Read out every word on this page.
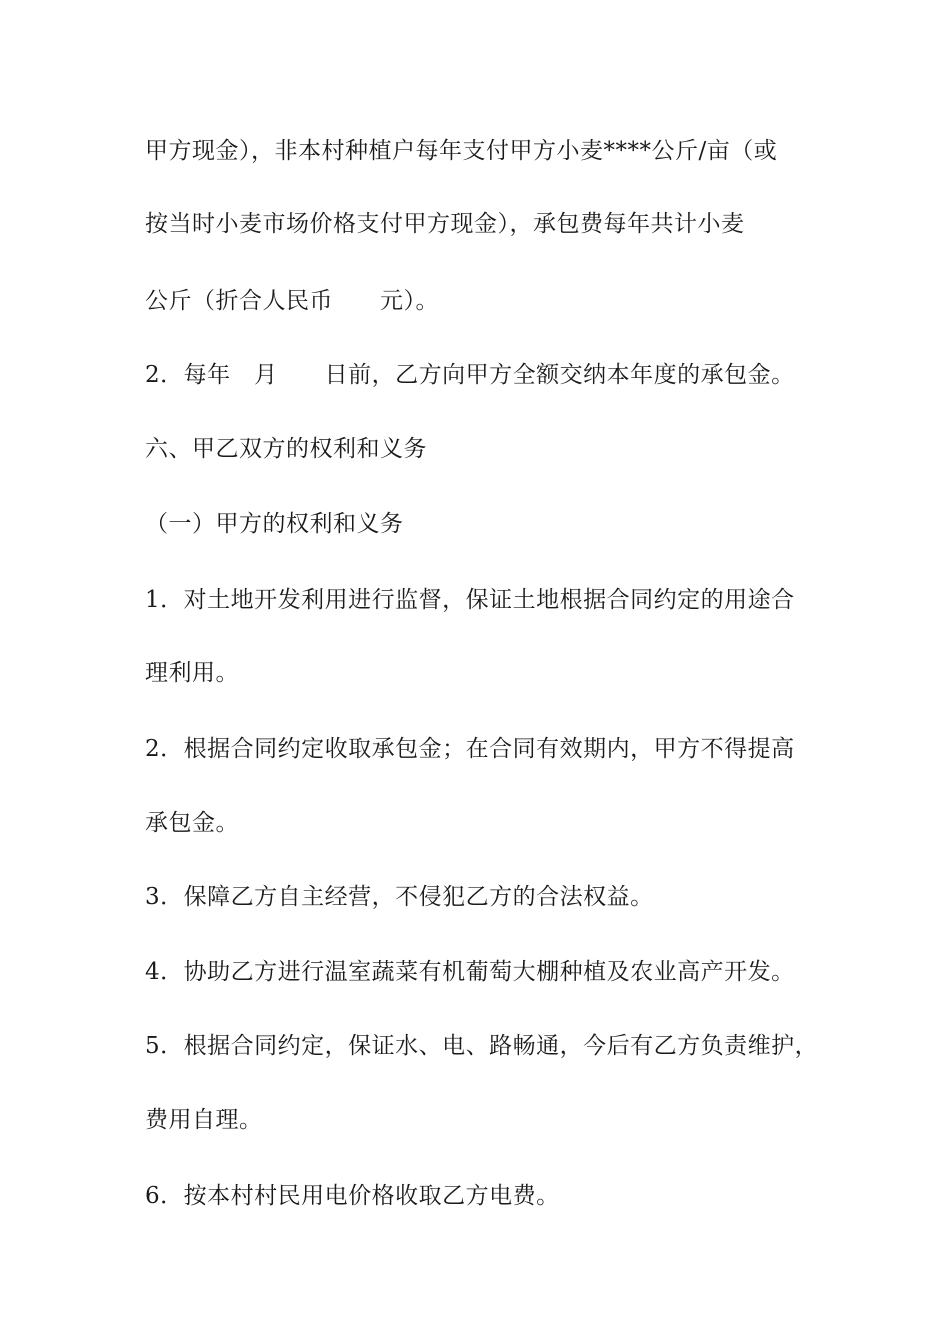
甲方现金），非本村种植户每年支付甲方小麦****公斤/亩（或
按当时小麦市场价格支付甲方现金），承包费每年共计小麦
公斤（折合人民币　　元）。
2．每年　月　　日前，乙方向甲方全额交纳本年度的承包金。
六、甲乙双方的权利和义务
（一）甲方的权利和义务
1．对土地开发利用进行监督，保证土地根据合同约定的用途合
理利用。
2．根据合同约定收取承包金；在合同有效期内，甲方不得提高
承包金。
3．保障乙方自主经营，不侵犯乙方的合法权益。
4．协助乙方进行温室蔬菜有机葡萄大棚种植及农业高产开发。
5．根据合同约定，保证水、电、路畅通，今后有乙方负责维护，
费用自理。
6．按本村村民用电价格收取乙方电费。
